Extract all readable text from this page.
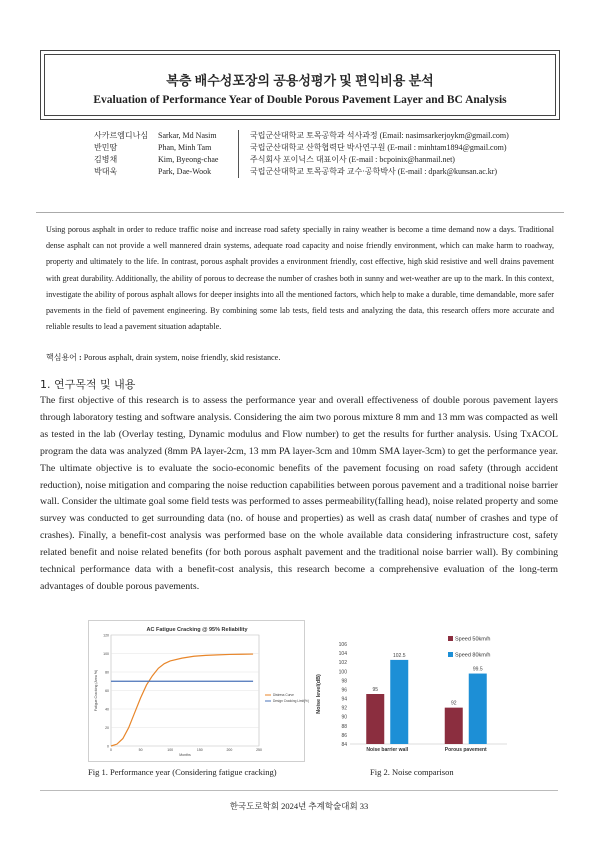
복층 배수성포장의 공용성평가 및 편익비용 분석
Evaluation of Performance Year of Double Porous Pavement Layer and BC Analysis
사카르엠디나심 Sarkar, Md Nasim	국립군산대학교 토목공학과 석사과정 (Email: nasimsarkerjoykm@gmail.com)
반민땀	Phan, Minh Tam	국립군산대학교 산학협력단 박사연구원 (E-mail : minhtam1894@gmail.com)
김병채	Kim, Byeong-chae	주식회사 포이닉스 대표이사 (E-mail : bcpoinix@hanmail.net)
박대욱	Park, Dae-Wook	국립군산대학교 토목공학과 교수·공학박사 (E-mail : dpark@kunsan.ac.kr)
Using porous asphalt in order to reduce traffic noise and increase road safety specially in rainy weather is become a time demand now a days. Traditional dense asphalt can not provide a well mannered drain systems, adequate road capacity and noise friendly environment, which can make harm to roadway, property and ultimately to the life. In contrast, porous asphalt provides a environment friendly, cost effective, high skid resistive and well drains pavement with great durability. Additionally, the ability of porous to decrease the number of crashes both in sunny and wet-weather are up to the mark. In this context, investigate the ability of porous asphalt allows for deeper insights into all the mentioned factors, which help to make a durable, time demandable, more safer pavements in the field of pavement engineering. By combining some lab tests, field tests and analyzing the data, this research offers more accurate and reliable results to lead a pavement situation adaptable.
핵심용어 : Porous asphalt, drain system, noise friendly, skid resistance.
1. 연구목적 및 내용
The first objective of this research is to assess the performance year and overall effectiveness of double porous pavement layers through laboratory testing and software analysis. Considering the aim two porous mixture 8 mm and 13 mm was compacted as well as tested in the lab (Overlay testing, Dynamic modulus and Flow number) to get the results for further analysis. Using TxACOL program the data was analyzed (8mm PA layer-2cm, 13 mm PA layer-3cm and 10mm SMA layer-3cm) to get the performance year. The ultimate objective is to evaluate the socio-economic benefits of the pavement focusing on road safety (through accident reduction), noise mitigation and comparing the noise reduction capabilities between porous pavement and a traditional noise barrier wall. Consider the ultimate goal some field tests was performed to asses permeability(falling head), noise related property and some survey was conducted to get surrounding data (no. of house and properties) as well as crash data( number of crashes and type of crashes). Finally, a benefit-cost analysis was performed base on the whole available data considering infrastructure cost, safety related benefit and noise related benefits (for both porous asphalt pavement and the traditional noise barrier wall). By combining technical performance data with a benefit-cost analysis, this research become a comprehensive evaluation of the long-term advantages of double porous pavements.
AC Fatigue Cracking @ 95% Reliability
0
20
40
60
80
100
120
0	50	100	150	200	250
Months
Fatigue Cracking (Area %)	Distress Curve
Design Cracking Limit(%)
Fig 1. Performance year (Considering fatigue cracking)
84
86
88
90
92
94
96
98
100
102
104
106
Noise level(dB)	95
102.5
Noise barrier wall
92
99.5
Porous pavement
Speed 50km/h
Speed 80km/h
Fig 2. Noise comparison
한국도로학회 2024년 추계학술대회 33
